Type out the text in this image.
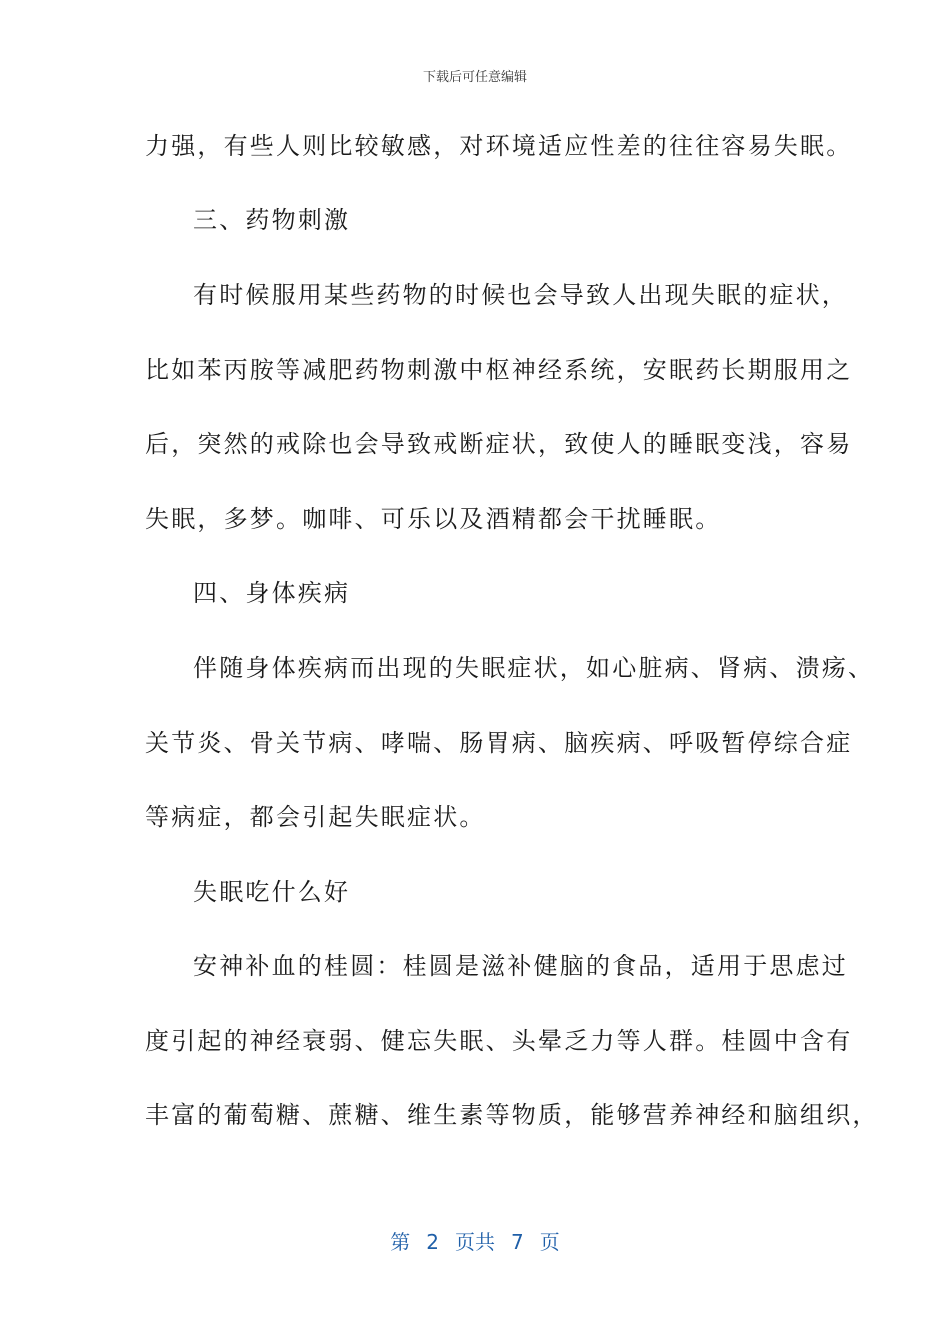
下载后可任意编辑
力强，有些人则比较敏感，对环境适应性差的往往容易失眠。
三、药物刺激
有时候服用某些药物的时候也会导致人出现失眠的症状，
比如苯丙胺等减肥药物刺激中枢神经系统，安眠药长期服用之
后，突然的戒除也会导致戒断症状，致使人的睡眠变浅，容易
失眠，多梦。咖啡、可乐以及酒精都会干扰睡眠。
四、身体疾病
伴随身体疾病而出现的失眠症状，如心脏病、肾病、溃疡、
关节炎、骨关节病、哮喘、肠胃病、脑疾病、呼吸暂停综合症
等病症，都会引起失眠症状。
失眠吃什么好
安神补血的桂圆：桂圆是滋补健脑的食品，适用于思虑过
度引起的神经衰弱、健忘失眠、头晕乏力等人群。桂圆中含有
丰富的葡萄糖、蔗糖、维生素等物质，能够营养神经和脑组织，
第 2 页共 7 页
